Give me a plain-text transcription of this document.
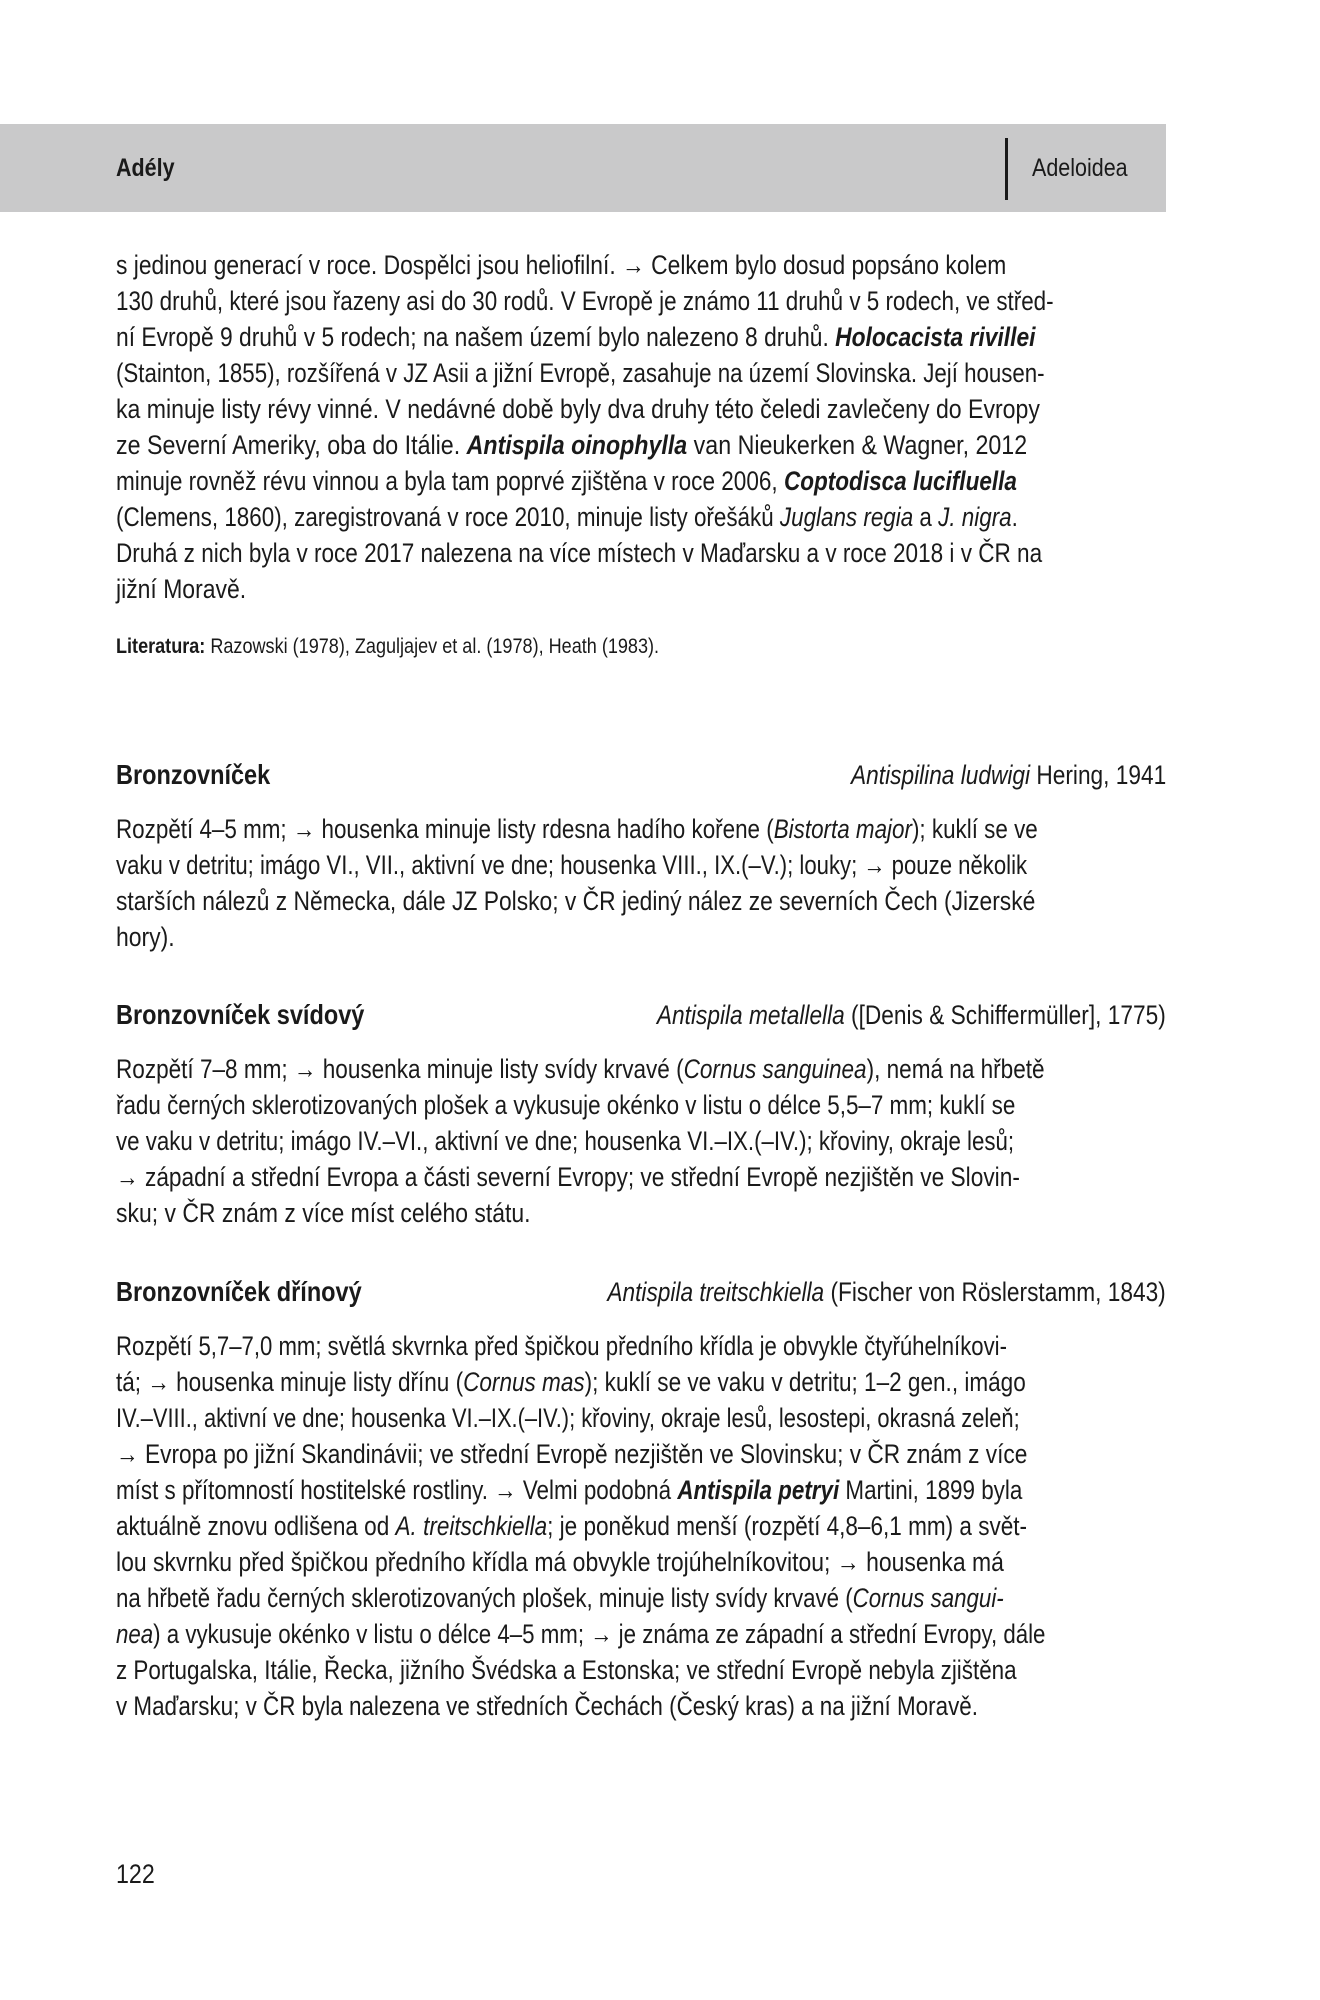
Adély	Adeloidea
s jedinou generací v roce. Dospělci jsou heliofilní. → Celkem bylo dosud popsáno kolem
130 druhů, které jsou řazeny asi do 30 rodů. V Evropě je známo 11 druhů v 5 rodech, ve střed-
ní Evropě 9 druhů v 5 rodech; na našem území bylo nalezeno 8 druhů. Holocacista rivillei
(Stainton, 1855), rozšířená v JZ Asii a jižní Evropě, zasahuje na území Slovinska. Její housen-
ka minuje listy révy vinné. V nedávné době byly dva druhy této čeledi zavlečeny do Evropy
ze Severní Ameriky, oba do Itálie. Antispila oinophylla van Nieukerken & Wagner, 2012
minuje rovněž révu vinnou a byla tam poprvé zjištěna v roce 2006, Coptodisca lucifluella
(Clemens, 1860), zaregistrovaná v roce 2010, minuje listy ořešáků Juglans regia a J. nigra.
Druhá z nich byla v roce 2017 nalezena na více místech v Maďarsku a v roce 2018 i v ČR na
jižní Moravě.
Literatura: Razowski (1978), Zaguljajev et al. (1978), Heath (1983).
Bronzovníček	Antispilina ludwigi Hering, 1941
Rozpětí 4–5 mm; → housenka minuje listy rdesna hadího kořene (Bistorta major); kuklí se ve
vaku v detritu; imágo VI., VII., aktivní ve dne; housenka VIII., IX.(–V.); louky; → pouze několik
starších nálezů z Německa, dále JZ Polsko; v ČR jediný nález ze severních Čech (Jizerské
hory).
Bronzovníček svídový	Antispila metallella ([Denis & Schiffermüller], 1775)
Rozpětí 7–8 mm; → housenka minuje listy svídy krvavé (Cornus sanguinea), nemá na hřbetě
řadu černých sklerotizovaných plošek a vykusuje okénko v listu o délce 5,5–7 mm; kuklí se
ve vaku v detritu; imágo IV.–VI., aktivní ve dne; housenka VI.–IX.(–IV.); křoviny, okraje lesů;
→ západní a střední Evropa a části severní Evropy; ve střední Evropě nezjištěn ve Slovin-
sku; v ČR znám z více míst celého státu.
Bronzovníček dřínový	Antispila treitschkiella (Fischer von Röslerstamm, 1843)
Rozpětí 5,7–7,0 mm; světlá skvrnka před špičkou předního křídla je obvykle čtyřúhelníkovi-
tá; → housenka minuje listy dřínu (Cornus mas); kuklí se ve vaku v detritu; 1–2 gen., imágo
IV.–VIII., aktivní ve dne; housenka VI.–IX.(–IV.); křoviny, okraje lesů, lesostepi, okrasná zeleň;
→ Evropa po jižní Skandinávii; ve střední Evropě nezjištěn ve Slovinsku; v ČR znám z více
míst s přítomností hostitelské rostliny. → Velmi podobná Antispila petryi Martini, 1899 byla
aktuálně znovu odlišena od A. treitschkiella; je poněkud menší (rozpětí 4,8–6,1 mm) a svět-
lou skvrnku před špičkou předního křídla má obvykle trojúhelníkovitou; → housenka má
na hřbetě řadu černých sklerotizovaných plošek, minuje listy svídy krvavé (Cornus sangui-
nea) a vykusuje okénko v listu o délce 4–5 mm; → je známa ze západní a střední Evropy, dále
z Portugalska, Itálie, Řecka, jižního Švédska a Estonska; ve střední Evropě nebyla zjištěna
v Maďarsku; v ČR byla nalezena ve středních Čechách (Český kras) a na jižní Moravě.
122
